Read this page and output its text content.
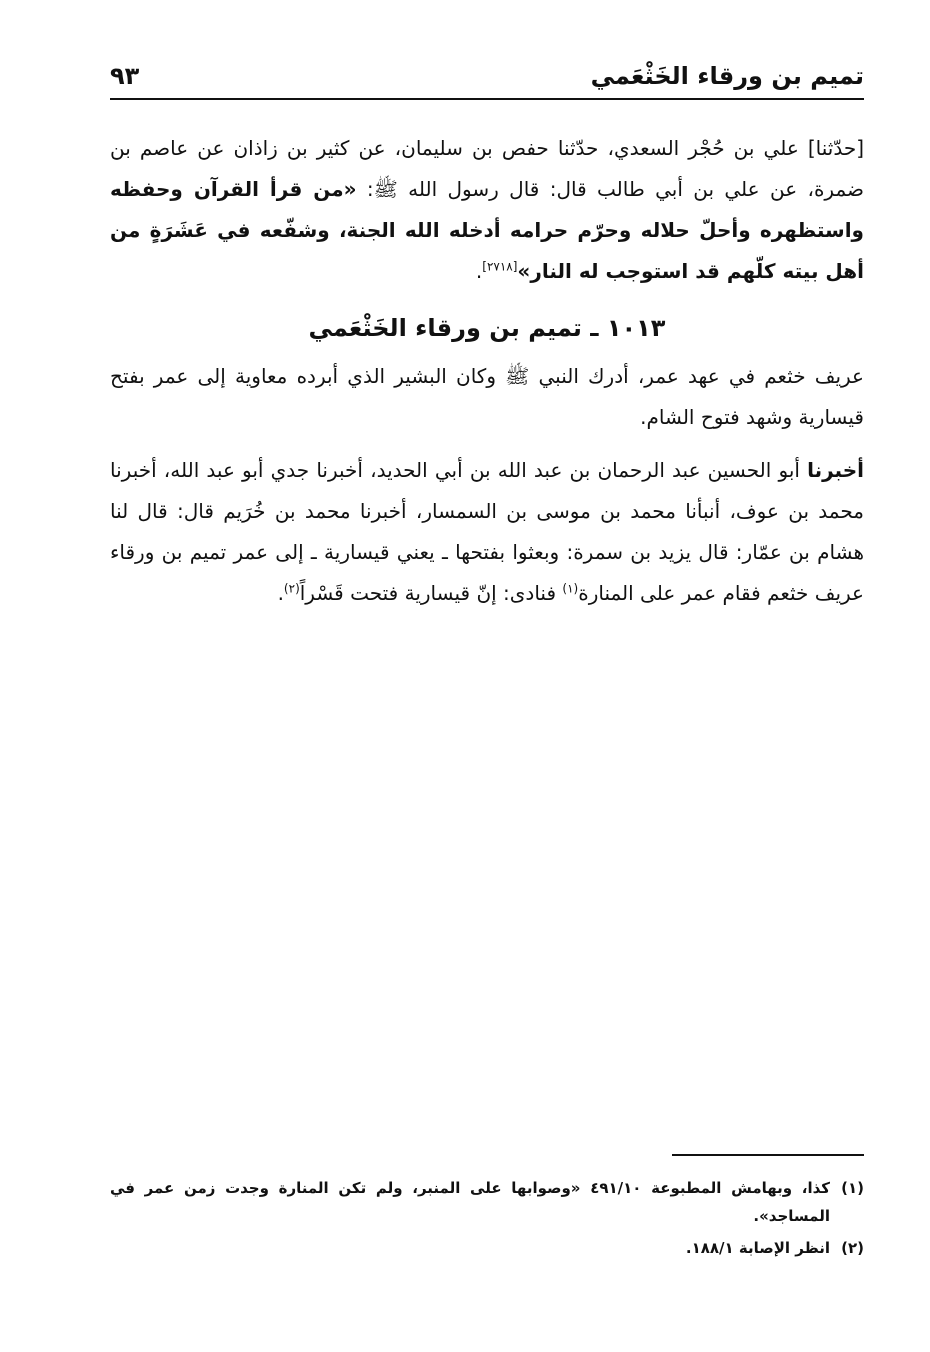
تميم بن ورقاء الخَثْعَمي
٩٣
[حدّثنا] علي بن حُجْر السعدي، حدّثنا حفص بن سليمان، عن كثير بن زاذان عن عاصم بن ضمرة، عن علي بن أبي طالب قال: قال رسول الله ﷺ: «من قرأ القرآن وحفظه واستظهره وأحلّ حلاله وحرّم حرامه أدخله الله الجنة، وشفّعه في عَشَرَةٍ من أهل بيته كلّهم قد استوجب له النار»[٢٧١٨].
١٠١٣ ـ تميم بن ورقاء الخَثْعَمي
عريف خثعم في عهد عمر، أدرك النبي ﷺ وكان البشير الذي أبرده معاوية إلى عمر بفتح قيسارية وشهد فتوح الشام.
أخبرنا أبو الحسين عبد الرحمان بن عبد الله بن أبي الحديد، أخبرنا جدي أبو عبد الله، أخبرنا محمد بن عوف، أنبأنا محمد بن موسى بن السمسار، أخبرنا محمد بن خُرَيم قال: قال لنا هشام بن عمّار: قال يزيد بن سمرة: وبعثوا بفتحها ـ يعني قيسارية ـ إلى عمر تميم بن ورقاء عريف خثعم فقام عمر على المنارة$^{(١)}$ فنادى: إنّ قيسارية فتحت قَسْراً$^{(٢)}$.
(١)
كذا، وبهامش المطبوعة ٤٩١/١٠ «وصوابها على المنبر، ولم تكن المنارة وجدت زمن عمر في المساجد».
(٢)
انظر الإصابة ١٨٨/١.
